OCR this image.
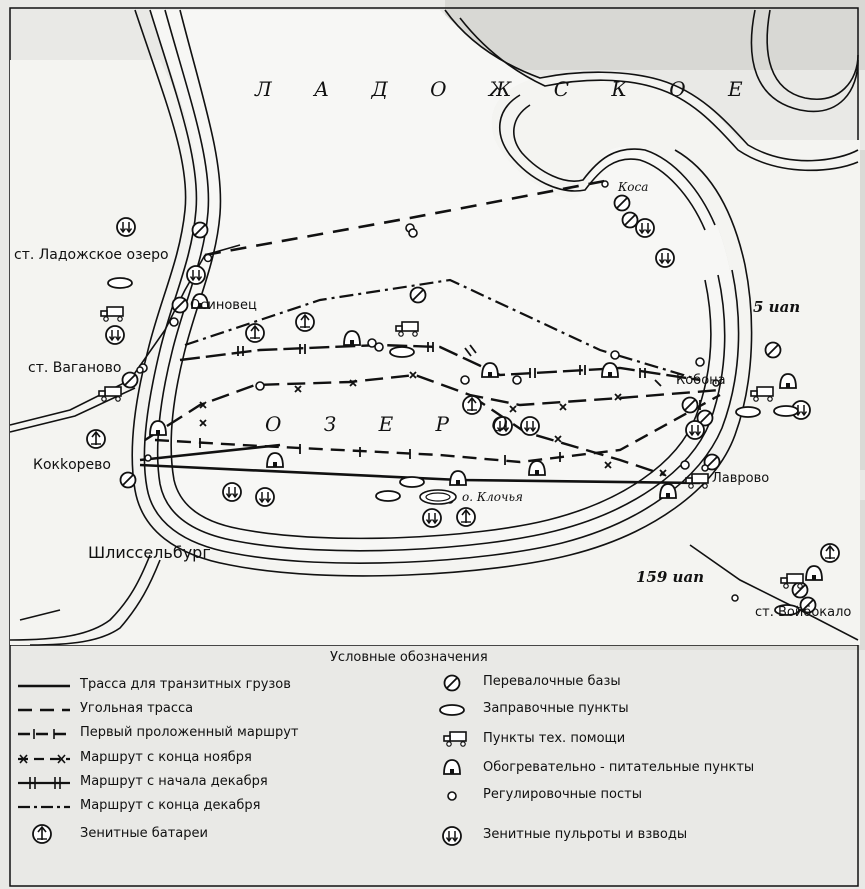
Л А Д О Ж С К О Е
О З Е Р О
Коса
ст. Ладожское озеро
Осиновец
ст. Ваганово
Кокkорево
Шлиссельбург
о. Клочья
Кобона
Лаврово
ст. Войбокало
5 иап
159 иап
Условные обозначения
Трасса для транзитных грузов
Угольная трасса
Первый проложенный маршрут
Маршрут с конца ноября
Маршрут с начала декабря
Маршрут с конца декабря
Зенитные батареи
Перевалочные базы
Заправочные пункты
Пункты тех. помощи
Обогревательно - питательные пункты
Регулировочные посты
Зенитные пульроты и взводы
